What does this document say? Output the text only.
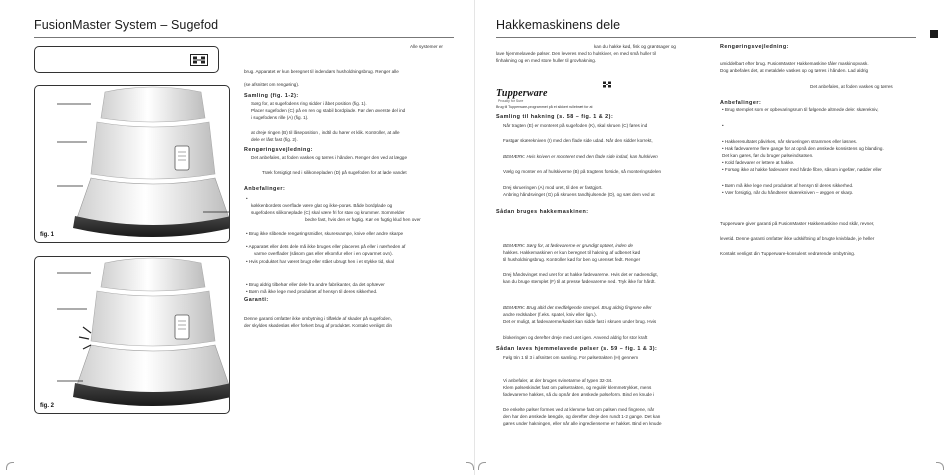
FusionMaster System – Sugefod
fig. 1
fig. 2
Alle systemer er
brug. Apparatet er kun beregnet til indendørs husholdningsbrug. Renger alle
(se afsnittet om rengøring).
Samling (fig. 1-2):
Sørg for, at sugefodens ring sidder i åbet position (fig. 1).
Placer sugefoden (C) på en ren og stabil bordplade. Før den øverste del ind
i sugefodens rille (A) (fig. 1).
at dreje ringen (B) til låseposition , indtil du hører et klik. Kontroller, at alle
dele er låst fast (fig. 2).
Rengøringsvejledning:
Det anbefales, at foden vaskes og tørres i hånden. Renger den ved at lægge
Træk forsigtigt ned i silikonepladen (D) på sugefoden for at løde vandet
Anbefalinger:
•
køkkenbordets overflade være glat og ikke-porøs. Både bordplade og
sugefodens silikoneplade (C) skal være fri for støv og krummer. Sommelder
bedre fast, hvis den er fugtig. Kør en fugtig klud hen over
• Brug ikke slibende rengøringsmidler, skuresvampe, knive eller andre skarpe
• Apparatet eller dets dele må ikke bruges eller placeres på eller i nærheden af
varme overflader (såsom gas eller elkomfur eller i en opvarmet ovn).
• Hvis produktet har været brugt eller stået ubrugt hen i et stykke tid, skal
• Brug aldrig tilbehør eller dele fra andre fabrikanter, da det ophæver
• Børn må ikke lege med produktet af hensyn til deres sikkerhed.
Garanti:
Denne garanti omfatter ikke ombytning i tilfælde af skader på sugefoden,
der skyldes skødesløs eller forkert brug af produktet. Kontakt venligst din
Hakkemaskinens dele
kan du hakke kød, fisk og grøntsager og
lave hjemmelavede pølser. Den leveres med to hulskiver, en med små huller til
finhakning og en med store huller til grovhakning.
Tupperware
Proudly for Sure
Brug til Tupperware-programmet på et sikkert rullebræt for at
Samling til hakning (s. 58 – fig. 1 & 2):
Når tragten (E) er monteret på sugefoden (K), skal skruen (C) føres ind
Fastgør skærekniven (I) med den flade side udad. Når den sidder korrekt,
BEMÆRK: Hvis kniven er monteret med den flade side indad, kan hulskiven
Vælg og monter en af hulskiverne (B) på tragtens forside, så monteringsdelen
Drej skrueringen (A) mod uret, til den er fastgjort.
Anbring håndsvinget (G) på skruens tandhjulsende (D), og sæt dem ved at
Sådan bruges hakkemaskinen:
BEMÆRK: Sørg for, at fødevarerne er grundigt optøet, inden de
hakkes. Hakkemaskinen er kun beregnet til hakning af udbenet kød
til husholdningsbrug. Kontroller kød for ben og urenset fedt. Renger
Drej håndsvinget med uret for at hakke fødevarerne. Hvis det er nødvendigt,
kan du bruge stemplet (F) til at presse fødevarerne ned. Tryk ikke for hårdt.
BEMÆRK: Brug altid det medfølgende stempel. Brug aldrig fingrene eller
andre redskaber (f.eks. spatel, kniv eller lign.).
Det er muligt, at fødevarerne/kødet kan sidde fast i skruen under brug. Hvis
blokeringen og derefter dreje med uret igen. Anvend aldrig for stor kraft
Sådan laves hjemmelavede pølser (s. 59 – fig. 1 & 3):
Følg trin 1 til 3 i afsnittet om samling. For pølsetrakten (H) gennem
Vi anbefaler, at der bruges svinetarme af typen 32-34.
Klem pølseskindet fast om pølsetrakten, og regulér klemmetrykket, mens
fødevarerne hakkes, så du opnår den ønskede pølseform. Bind en knude i
De enkelte pølser formes ved at klemme fast om pølsen med fingrene, når
den har den ønskede længde, og derefter dreje den rundt 1-2 gange. Det kan
gøres under hakningen, eller når alle ingredienserne er hakket. Bind en knude
Rengøringsvejledning:
umiddelbart efter brug. FusionMaster Hakkemaskine tåler maskinopvask.
Dog anbefales det, at metaldele vaskes op og tørres i hånden. Lad aldrig
Det anbefales, at foden vaskes og tørres
Anbefalinger:
• Brug stemplet som er opbevaringsrum til følgende altmede dele: skærekniv,
•
• Hakkeresultatet påvirkes, når skrueringen strammes eller løsnes.
• Hak fødevarerne flere gange for at opnå den ønskede konsistens og blanding.
Det kan gøres, før du bruger pølseindsatsen.
• Kold fødevarer er lettere at hakke.
• Forsøg ikke at hakke fødevarer med hårde fibre, såsom ingefær, nødder eller
• Børn må ikke lege med produktet af hensyn til deres sikkerhed.
• Vær forsigtig, når du håndterer skærekniven – æggen er skarp.
Tupperware giver garanti på FusionMaster Hakkemaskine mod skår, revner,
levetid. Denne garanti omfatter ikke udskiftning af brugte knivblade, je heller
Kontakt venligst din Tupperware-konsulent vedrørende ombytning.
